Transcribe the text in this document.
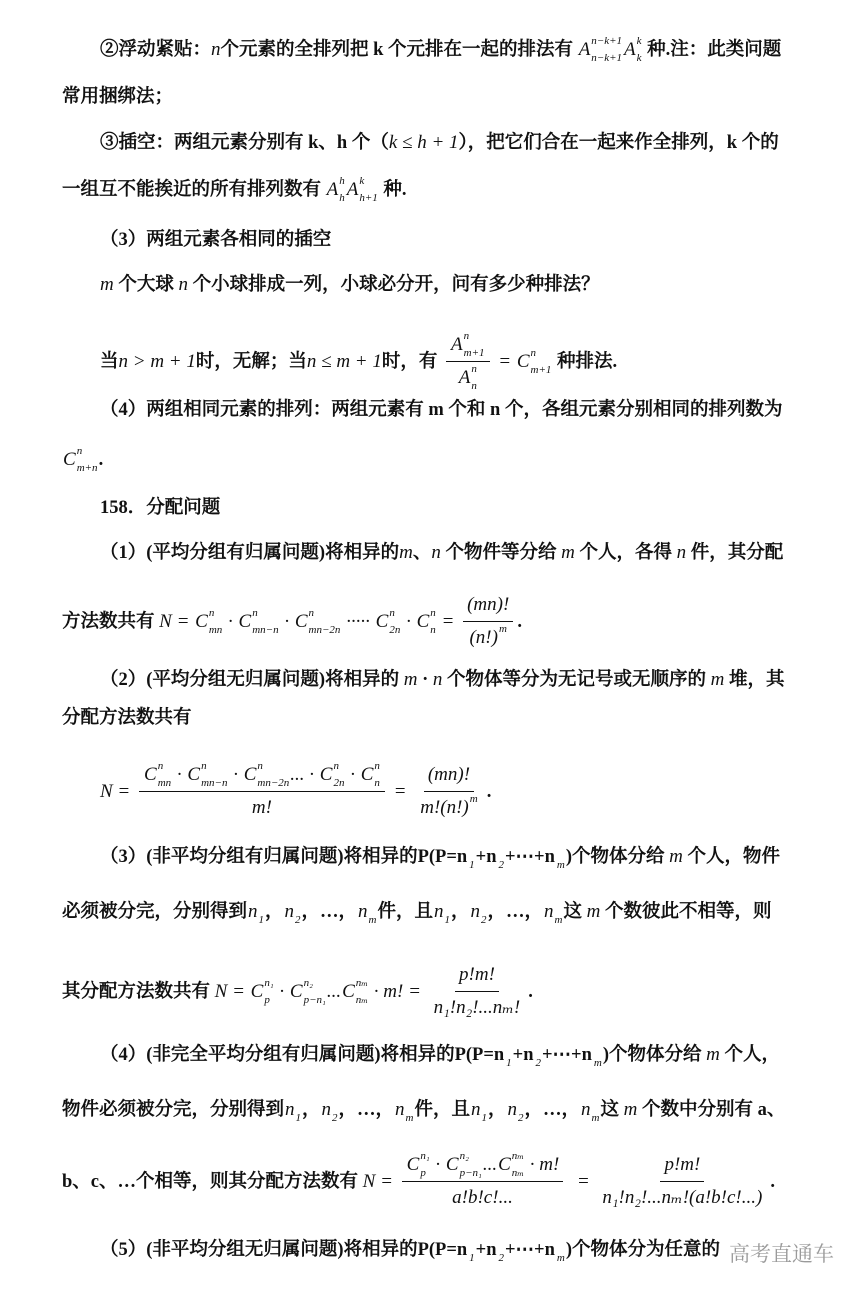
②浮动紧贴： n 个元素的全排列把 k 个元排在一起的排法有 A n−k+1
n−k+1 A k
k 种.注：此类问题
常用捆绑法；
③插空：两组元素分别有 k、h 个（ k ≤ h + 1 ），把它们合在一起来作全排列，k 个的
一组互不能挨近的所有排列数有 A h
h A k
h+1 种.
（3）两组元素各相同的插空
m 个大球 n 个小球排成一列，小球必分开，问有多少种排法？
当 n > m + 1 时，无解；当 n ≤ m + 1 时，有 A n
m+1
A n
n = C n
m+1 种排法.
（4）两组相同元素的排列：两组元素有 m 个和 n 个，各组元素分别相同的排列数为
C n
m+n .
158．分配问题
（1）(平均分组有归属问题)将相异的 m 、 n 个物件等分给 m 个人，各得 n 件，其分配
方法数共有 N = C n
mn · C n
mn−n · C n
mn−2n ····· C n
2n · C n
$n = \frac{(mn)!}{(n!) m}$
.
（2）(平均分组无归属问题)将相异的 m · n 个物体等分为无记号或无顺序的 m 堆，其
分配方法数共有
N = C n
mn · C n
mn−n · C n
mn−2n ... · C n
2n · C n
n
m! = $\frac{(mn)!}{m!(n!) m}$
.
（3）(非平均分组有归属问题)将相异的P(P=n
1 +n
2 +⋯+n
m )个物体分给 m 个人，物件
必须被分完，分别得到 n
1 ， n
2 ，…， n
m 件，且 n
1 ， n
2 ，…， n
m 这 m 个数彼此不相等，则
其分配方法数共有 N = C n₁
p · C n₂
p−n₁ ... C nₘ
nₘ · m! = $\frac{p!m!}{\text{n₁!n₂!...nₘ!}}$ .
（4）(非完全平均分组有归属问题)将相异的P(P=n
1 +n
2 +⋯+n
m )个物体分给 m 个人，
物件必须被分完，分别得到 n
1 ， n
2 ，…， n
m 件，且 n
1 ， n
2 ，…， n
m 这 m 个数中分别有 a、
b、c、…个相等，则其分配方法数有 N = C n₁
p · C n₂
p−n₁ ... C nₘ
nₘ · m!
a!b!c!... = $\frac{p!m!}{\text{n₁!n₂!...nₘ!(a!b!c!...)}}$ .
（5）(非平均分组无归属问题)将相异的P(P=n
1 +n
2 +⋯+n
m )个物体分为任意的 高考直通车
